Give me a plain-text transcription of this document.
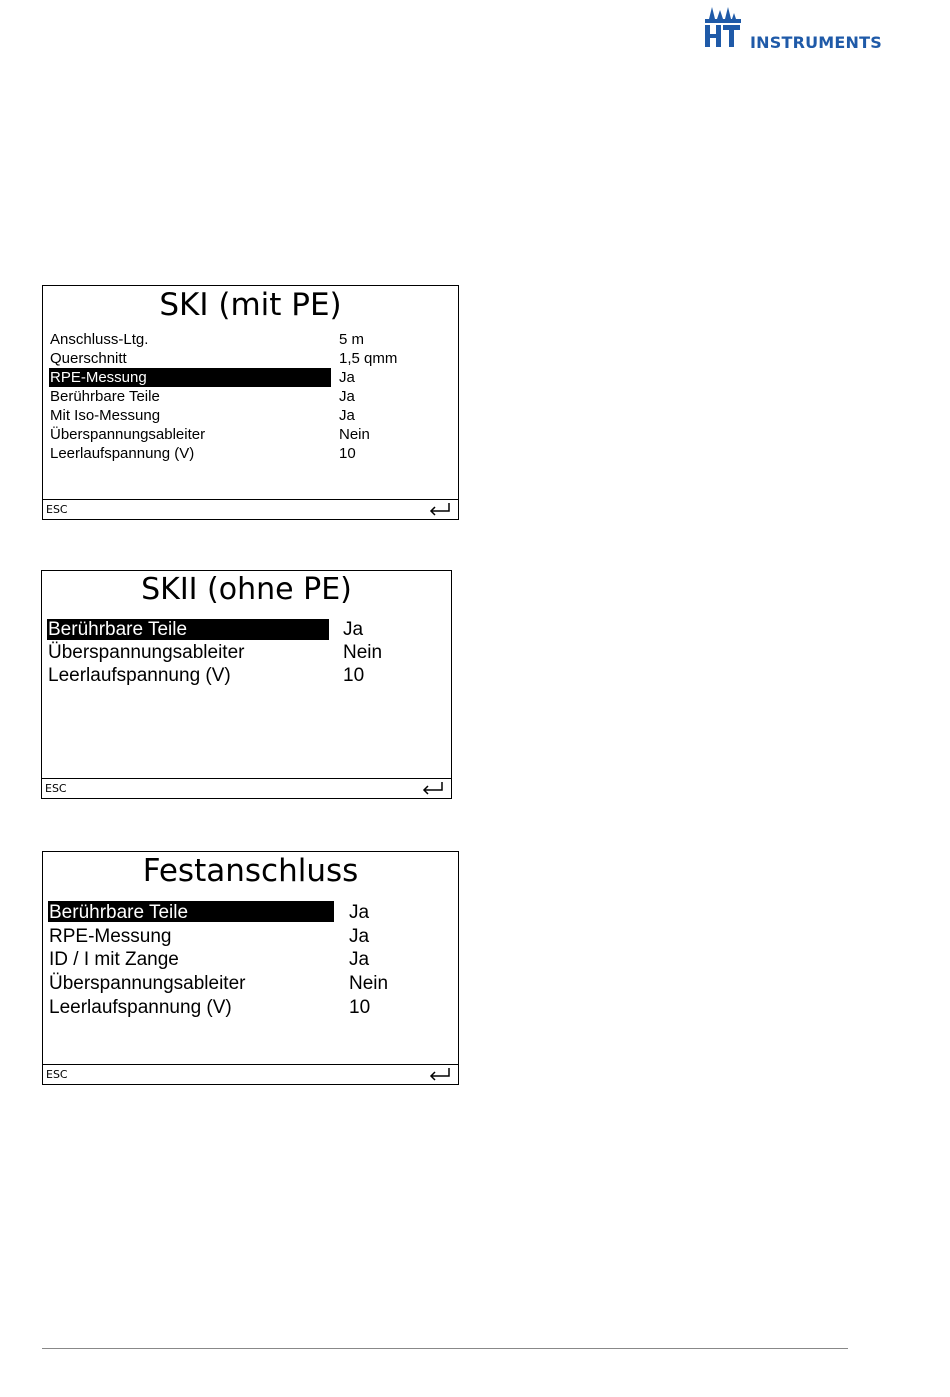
INSTRUMENTS
SKI (mit PE)
Anschluss-Ltg.	5 m
Querschnitt	1,5 qmm
RPE-Messung	Ja
Berührbare Teile	Ja
Mit Iso-Messung	Ja
Überspannungsableiter	Nein
Leerlaufspannung (V)	10
ESC
SKII (ohne PE)
Berührbare Teile	Ja
Überspannungsableiter	Nein
Leerlaufspannung (V)	10
ESC
Festanschluss
Berührbare Teile	Ja
RPE-Messung	Ja
ID / I mit Zange	Ja
Überspannungsableiter	Nein
Leerlaufspannung (V)	10
ESC
